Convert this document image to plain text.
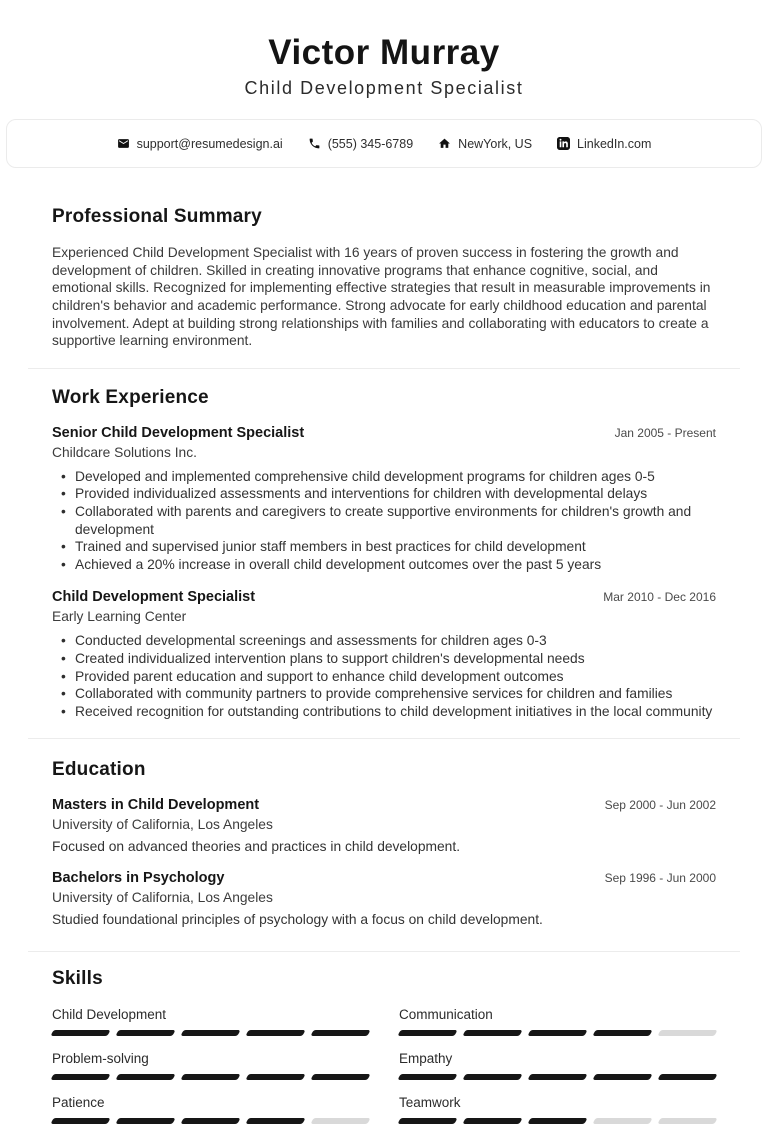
Victor Murray
Child Development Specialist
support@resumedesign.ai	(555) 345-6789	NewYork, US	LinkedIn.com
Professional Summary

Experienced Child Development Specialist with 16 years of proven success in fostering the growth and development of children. Skilled in creating innovative programs that enhance cognitive, social, and emotional skills. Recognized for implementing effective strategies that result in measurable improvements in children's behavior and academic performance. Strong advocate for early childhood education and parental involvement. Adept at building strong relationships with families and collaborating with educators to create a supportive learning environment.

Work Experience
Senior Child Development Specialist	Jan 2005 - Present
Childcare Solutions Inc.
• Developed and implemented comprehensive child development programs for children ages 0-5
• Provided individualized assessments and interventions for children with developmental delays
• Collaborated with parents and caregivers to create supportive environments for children's growth and development
• Trained and supervised junior staff members in best practices for child development
• Achieved a 20% increase in overall child development outcomes over the past 5 years
Child Development Specialist	Mar 2010 - Dec 2016
Early Learning Center
• Conducted developmental screenings and assessments for children ages 0-3
• Created individualized intervention plans to support children's developmental needs
• Provided parent education and support to enhance child development outcomes
• Collaborated with community partners to provide comprehensive services for children and families
• Received recognition for outstanding contributions to child development initiatives in the local community
Education
Masters in Child Development	Sep 2000 - Jun 2002
University of California, Los Angeles

Focused on advanced theories and practices in child development.

Bachelors in Psychology	Sep 1996 - Jun 2000
University of California, Los Angeles

Studied foundational principles of psychology with a focus on child development.

Skills
Child Development
Problem-solving
Patience
Communication
Empathy
Teamwork
